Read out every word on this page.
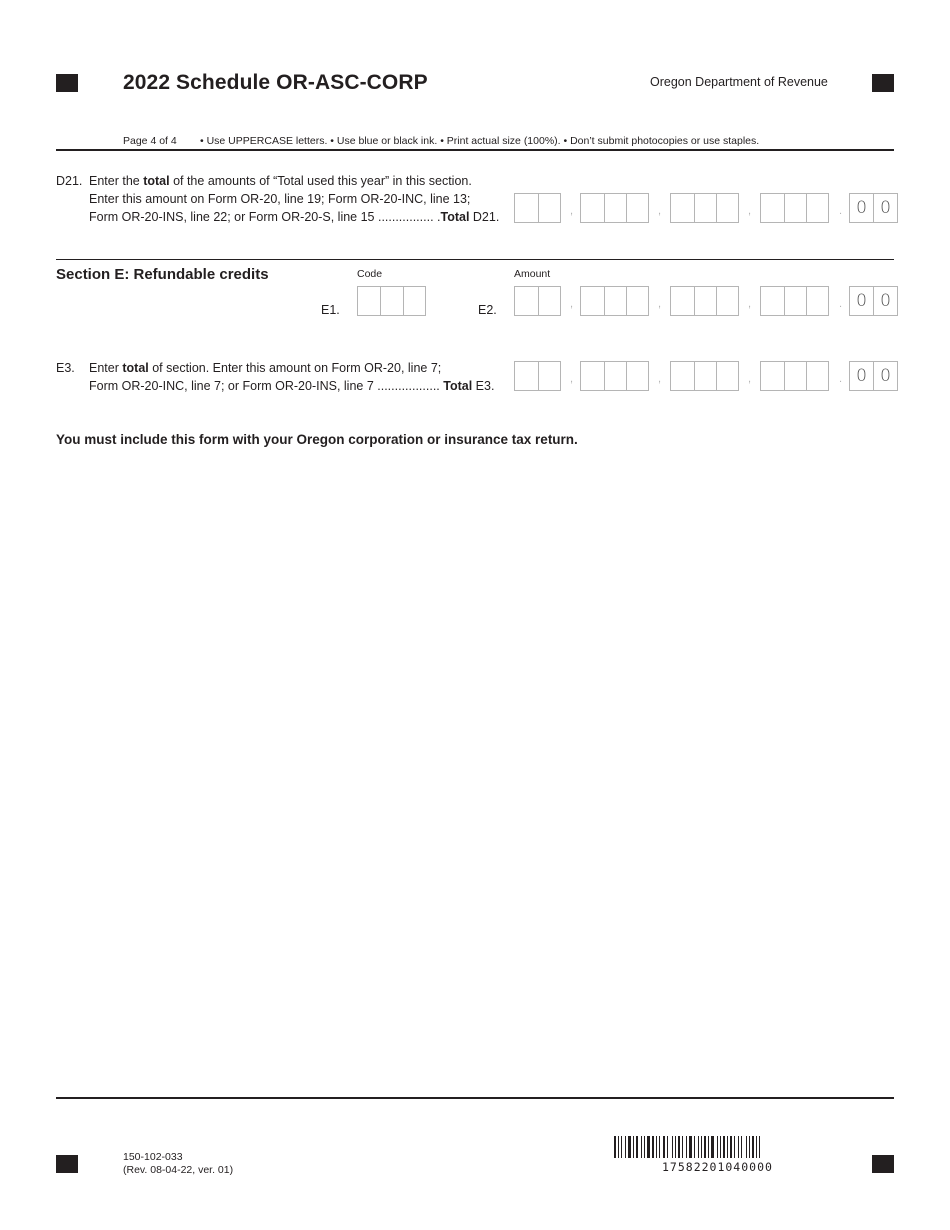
2022 Schedule OR-ASC-CORP	Oregon Department of Revenue
Page 4 of 4 • Use UPPERCASE letters. • Use blue or black ink. • Print actual size (100%). • Don’t submit photocopies or use staples.
D21. Enter the total of the amounts of “Total used this year” in this section.
Enter this amount on Form OR-20, line 19; Form OR-20-INC, line 13;
Form OR-20-INS, line 22; or Form OR-20-S, line 15 ................ .Total D21.	,	,	,	. 0 0
Section E: Refundable credits	Code	Amount
E1.	E2.	,	,	,	. 0 0
E3. Enter total of section. Enter this amount on Form OR-20, line 7;
Form OR-20-INC, line 7; or Form OR-20-INS, line 7 .................. Total E3.	,	,	,	. 0 0
You must include this form with your Oregon corporation or insurance tax return.
150-102-033
(Rev. 08-04-22, ver. 01)	17582201040000
